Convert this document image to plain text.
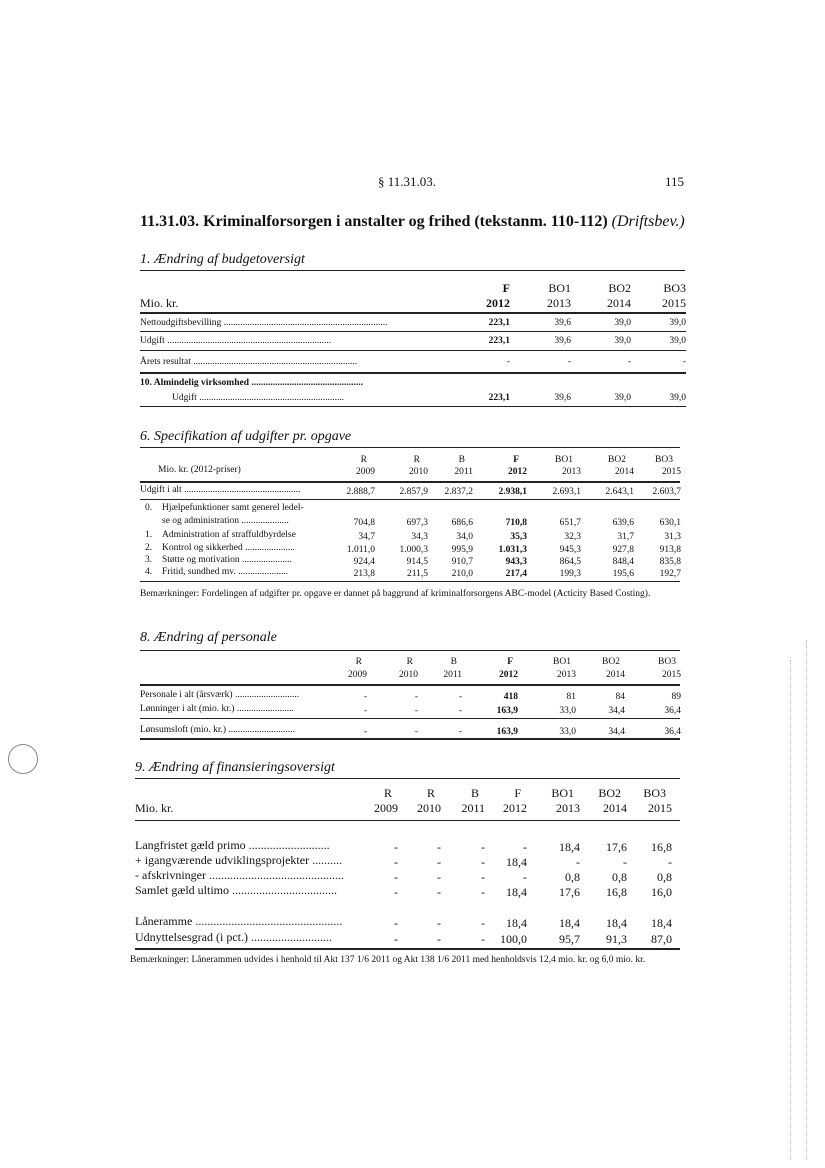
§ 11.31.03.	115
11.31.03. Kriminalforsorgen i anstalter og frihed (tekstanm. 110-112) (Driftsbev.)
1. Ændring af budgetoversigt
F	BO1	BO2	BO3
2012	2013	2014	2015
Mio. kr.
Nettoudgiftsbevilling .....................................................................	223,1	39,6	39,0	39,0
Udgift .....................................................................	223,1	39,6	39,0	39,0
Årets resultat .....................................................................	-	-	-	-
10. Almindelig virksomhed ...............................................
Udgift .............................................................	223,1	39,6	39,0	39,0
6. Specifikation af udgifter pr. opgave
R	R	B	F	BO1	BO2	BO3
2009	2010	2011	2012	2013	2014	2015
Mio. kr. (2012-priser)
Udgift i alt .................................................	2.888,7	2.857,9 2.837,2	2.938,1	2.693,1	2.643,1 2.603,7
0. Hjælpefunktioner samt generel ledel-
se og administration ....................	704,8	697,3 686,6	710,8	651,7	639,6	630,1
1. Administration af straffuldbyrdelse	34,7	34,3	34,0	35,3	32,3	31,7	31,3
2. Kontrol og sikkerhed .....................	1.011,0	1.000,3 995,9	1.031,3	945,3	927,8	913,8
3. Støtte og motivation .....................	924,4	914,5 910,7	943,3	864,5	848,4	835,8
4. Fritid, sundhed mv. .....................	213,8	211,5 210,0	217,4	199,3	195,6	192,7
Bemærkninger: Fordelingen af udgifter pr. opgave er dannet på baggrund af kriminalforsorgens ABC-model (Acticity Based Costing).
8. Ændring af personale
R	R	B	F	BO1	BO2	BO3
2009	2010	2011	2012	2013	2014	2015
Personale i alt (årsværk) ...........................	-	-	-	418	81	84	89
Lønninger i alt (mio. kr.) ........................	-	-	-	163,9	33,0	34,4	36,4
Lønsumsloft (mio. kr.) ............................	-	-	-	163,9	33,0	34,4	36,4
9. Ændring af finansieringsoversigt
R	R	B	F	BO1 BO2 BO3
2009 2010 2011 2012 2013 2014 2015
Mio. kr.
Langfristet gæld primo ...........................	-	-	-	-	18,4 17,6 16,8
+ igangværende udviklingsprojekter ..........	-	-	- 18,4	-	-	-
- afskrivninger .............................................	-	-	-	-	0,8	0,8	0,8
Samlet gæld ultimo ...................................	-	-	- 18,4	17,6 16,8 16,0
Låneramme .................................................	-	-	- 18,4	18,4 18,4 18,4
Udnyttelsesgrad (i pct.) ...........................	-	-	- 100,0	95,7 91,3 87,0
Bemærkninger: Lånerammen udvides i henhold til Akt 137 1/6 2011 og Akt 138 1/6 2011 med henholdsvis 12,4 mio. kr. og 6,0 mio. kr.
